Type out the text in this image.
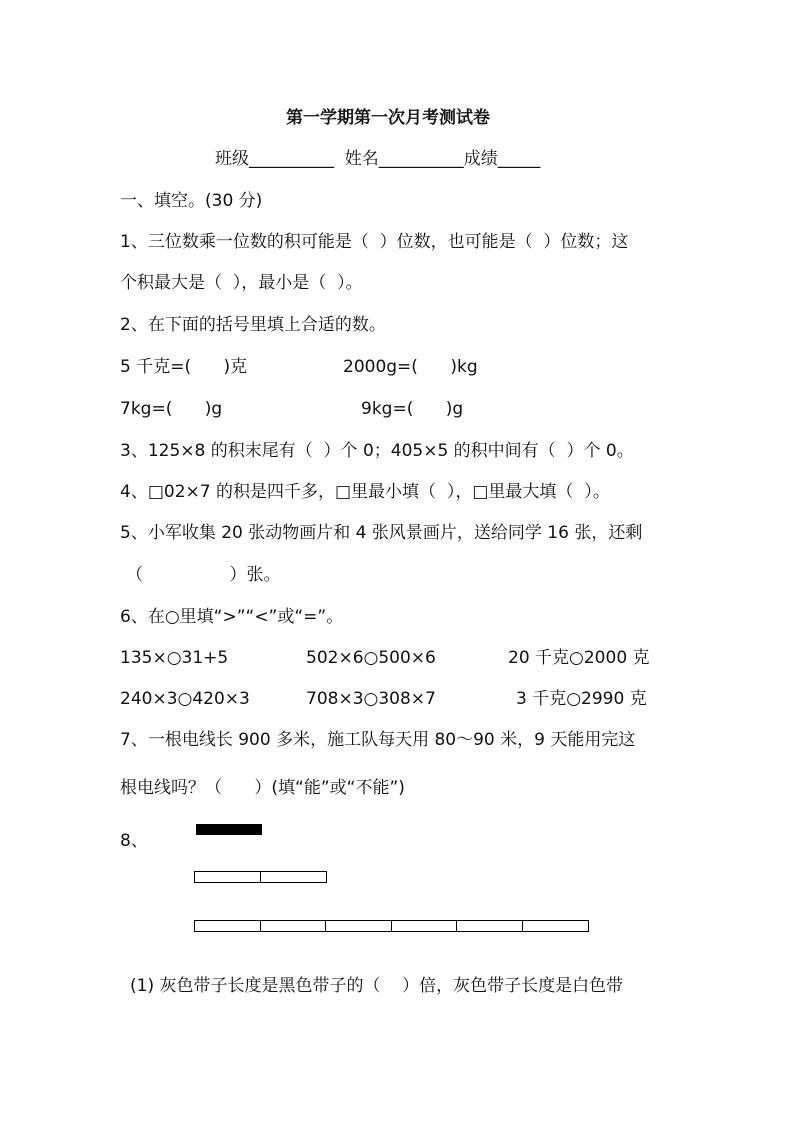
第一学期第一次月考测试卷
班级__________  姓名__________成绩_____
一、填空。(30 分)
1、三位数乘一位数的积可能是（  ）位数，也可能是（  ）位数；这
个积最大是（  ），最小是（  ）。
2、在下面的括号里填上合适的数。
5 千克=(      )克	2000g=(      )kg
7kg=(      )g	9kg=(      )g
3、125×8 的积末尾有（  ）个 0；405×5 的积中间有（  ）个 0。
4、□02×7 的积是四千多，□里最小填（  ），□里最大填（  ）。
5、小军收集 20 张动物画片和 4 张风景画片，送给同学 16 张，还剩
（                ）张。
6、在○里填“>”“<”或“=”。
135×○31+5	502×6○500×6	20 千克○2000 克
240×3○420×3	708×3○308×7	3 千克○2990 克
7、一根电线长 900 多米，施工队每天用 80～90 米，9 天能用完这
根电线吗？（      ）(填“能”或“不能”)
8、
(1) 灰色带子长度是黑色带子的（    ）倍，灰色带子长度是白色带
